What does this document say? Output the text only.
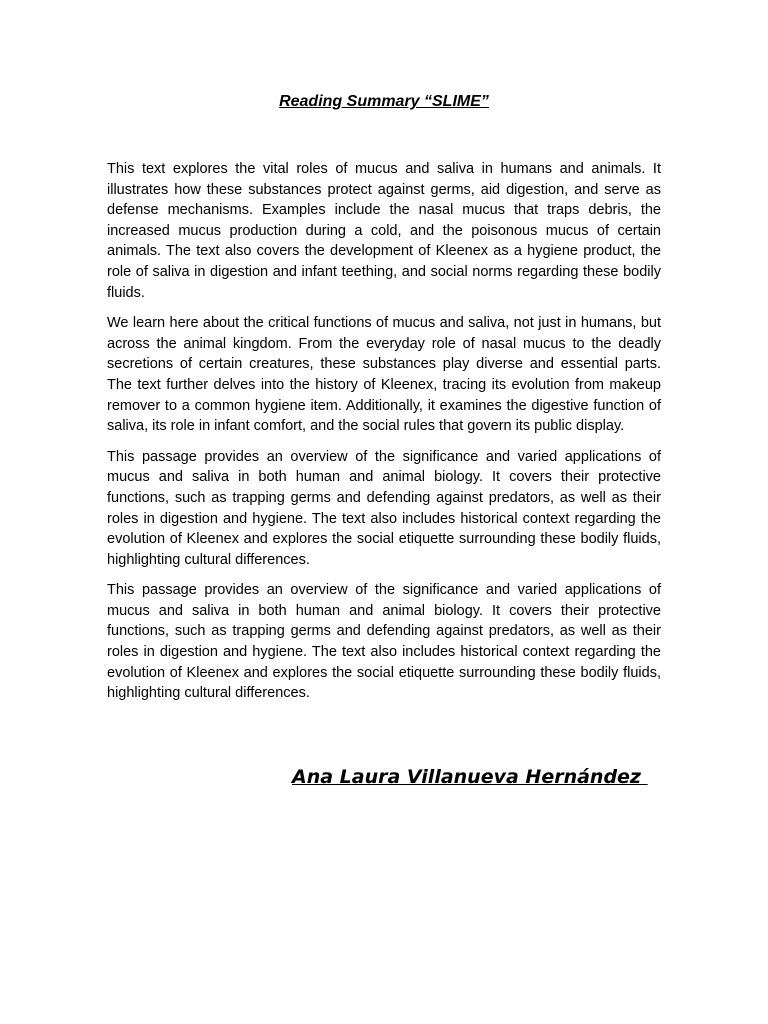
Reading Summary “SLIME”

This text explores the vital roles of mucus and saliva in humans and animals. It illustrates how these substances protect against germs, aid digestion, and serve as defense mechanisms. Examples include the nasal mucus that traps debris, the increased mucus production during a cold, and the poisonous mucus of certain animals. The text also covers the development of Kleenex as a hygiene product, the role of saliva in digestion and infant teething, and social norms regarding these bodily fluids.

We learn here about the critical functions of mucus and saliva, not just in humans, but across the animal kingdom. From the everyday role of nasal mucus to the deadly secretions of certain creatures, these substances play diverse and essential parts. The text further delves into the history of Kleenex, tracing its evolution from makeup remover to a common hygiene item. Additionally, it examines the digestive function of saliva, its role in infant comfort, and the social rules that govern its public display.

This passage provides an overview of the significance and varied applications of mucus and saliva in both human and animal biology. It covers their protective functions, such as trapping germs and defending against predators, as well as their roles in digestion and hygiene. The text also includes historical context regarding the evolution of Kleenex and explores the social etiquette surrounding these bodily fluids, highlighting cultural differences.

This passage provides an overview of the significance and varied applications of mucus and saliva in both human and animal biology. It covers their protective functions, such as trapping germs and defending against predators, as well as their roles in digestion and hygiene. The text also includes historical context regarding the evolution of Kleenex and explores the social etiquette surrounding these bodily fluids, highlighting cultural differences.

Ana Laura Villanueva Hernández
